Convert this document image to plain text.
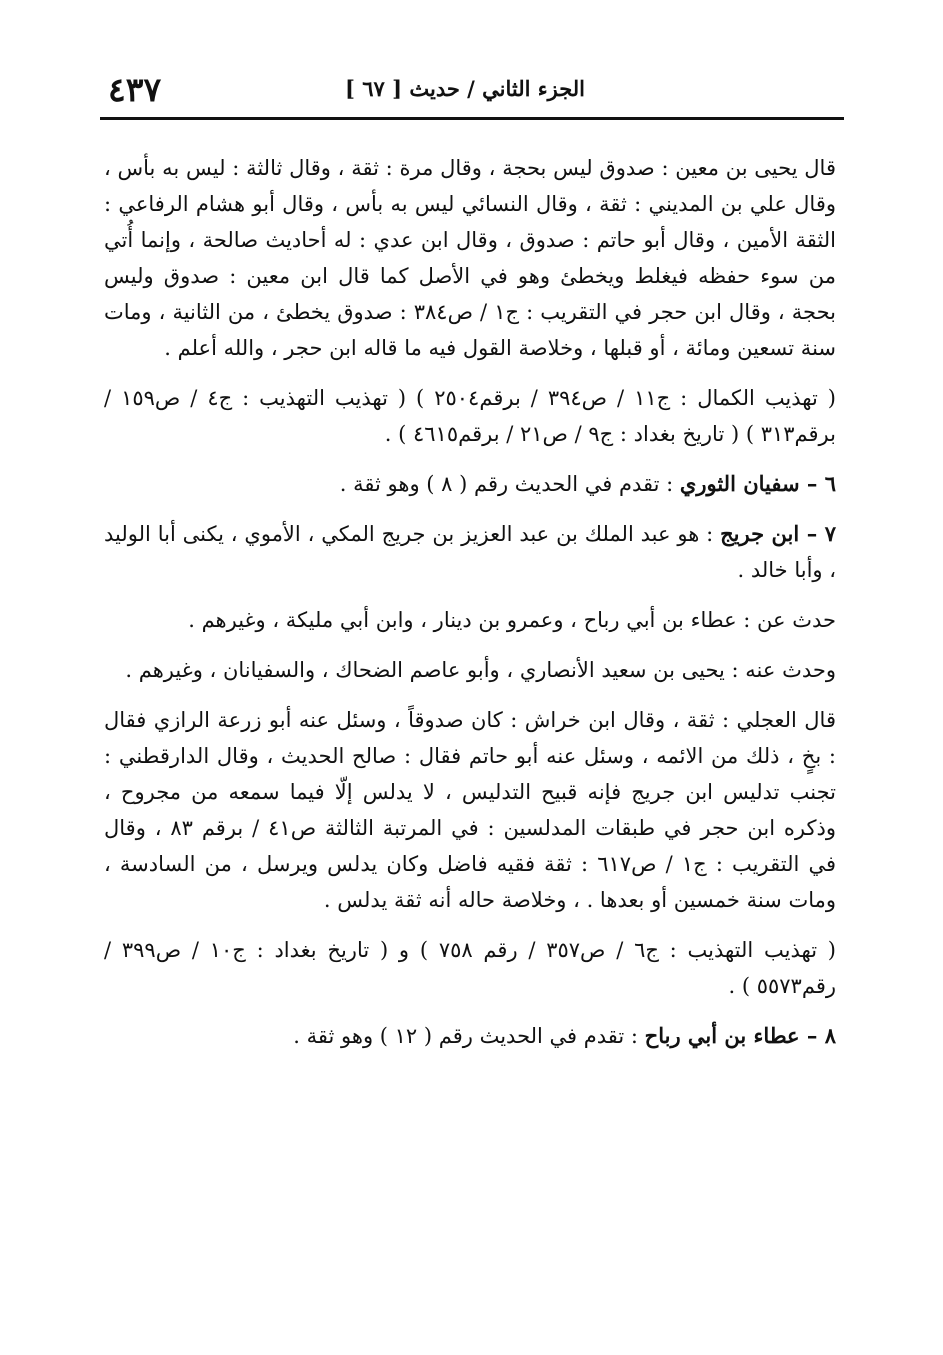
الجزء الثاني / حديث [ ٦٧ ]
٤٣٧

قال يحيى بن معين : صدوق ليس بحجة ، وقال مرة : ثقة ، وقال ثالثة : ليس به بأس ، وقال علي بن المديني : ثقة ، وقال النسائي ليس به بأس ، وقال أبو هشام الرفاعي : الثقة الأمين ، وقال أبو حاتم : صدوق ، وقال ابن عدي : له أحاديث صالحة ، وإنما أُتي من سوء حفظه فيغلط ويخطئ وهو في الأصل كما قال ابن معين : صدوق وليس بحجة ، وقال ابن حجر في التقريب : ج١ / ص٣٨٤ : صدوق يخطئ ، من الثانية ، ومات سنة تسعين ومائة ، أو قبلها ، وخلاصة القول فيه ما قاله ابن حجر ، والله أعلم .

( تهذيب الكمال : ج١١ / ص٣٩٤ / برقم٢٥٠٤ ) ( تهذيب التهذيب : ج٤ / ص١٥٩ / برقم٣١٣ ) ( تاريخ بغداد : ج٩ / ص٢١ / برقم٤٦١٥ ) .

٦ – سفيان الثوري : تقدم في الحديث رقم ( ٨ ) وهو ثقة .

٧ – ابن جريج : هو عبد الملك بن عبد العزيز بن جريج المكي ، الأموي ، يكنى أبا الوليد ، وأبا خالد .

حدث عن : عطاء بن أبي رباح ، وعمرو بن دينار ، وابن أبي مليكة ، وغيرهم .

وحدث عنه : يحيى بن سعيد الأنصاري ، وأبو عاصم الضحاك ، والسفيانان ، وغيرهم .

قال العجلي : ثقة ، وقال ابن خراش : كان صدوقاً ، وسئل عنه أبو زرعة الرازي فقال : بخٍ ، ذلك من الائمه ، وسئل عنه أبو حاتم فقال : صالح الحديث ، وقال الدارقطني : تجنب تدليس ابن جريج فإنه قبيح التدليس ، لا يدلس إلّا فيما سمعه من مجروح ، وذكره ابن حجر في طبقات المدلسين : في المرتبة الثالثة ص٤١ / برقم ٨٣ ، وقال في التقريب : ج١ / ص٦١٧ : ثقة فقيه فاضل وكان يدلس ويرسل ، من السادسة ، ومات سنة خمسين أو بعدها . ، وخلاصة حاله أنه ثقة يدلس .

( تهذيب التهذيب : ج٦ / ص٣٥٧ / رقم ٧٥٨ ) و ( تاريخ بغداد : ج١٠ / ص٣٩٩ / رقم٥٥٧٣ ) .

٨ – عطاء بن أبي رباح : تقدم في الحديث رقم ( ١٢ ) وهو ثقة .
